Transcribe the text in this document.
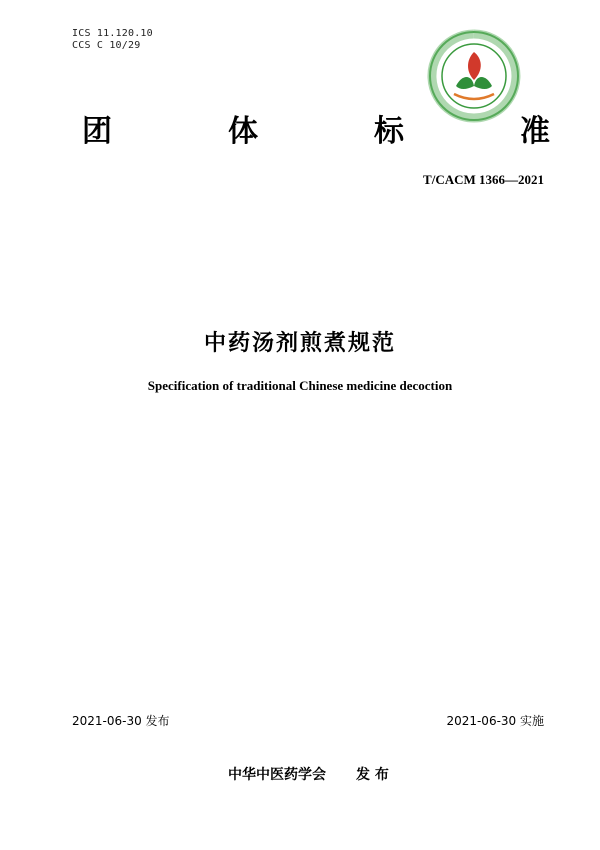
ICS 11.120.10
CCS C 10/29
团	体	标	准
T/CACM 1366—2021
中药汤剂煎煮规范
Specification of traditional Chinese medicine decoction
2021-06-30 发布	2021-06-30 实施
中华中医药学会 发 布
